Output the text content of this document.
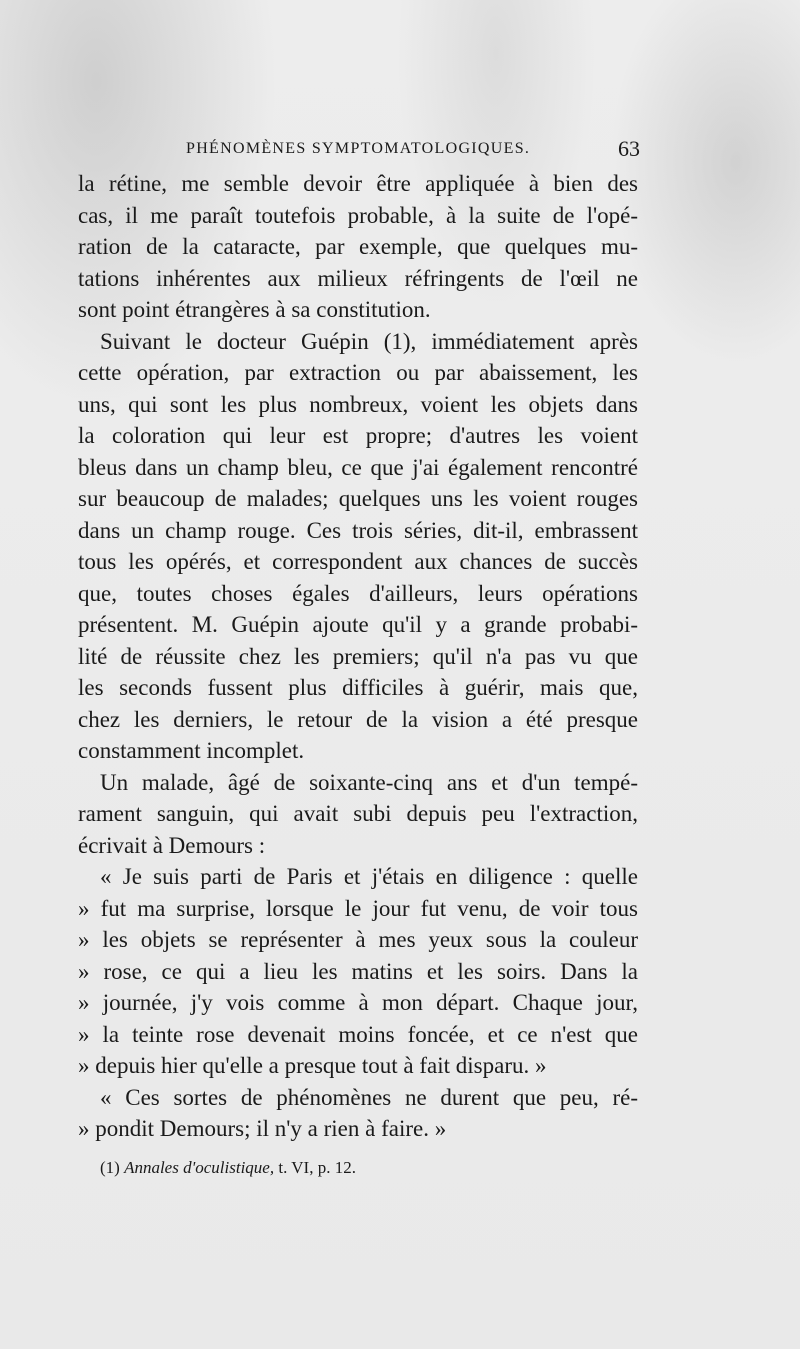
PHÉNOMÈNES SYMPTOMATOLOGIQUES.	63
la rétine, me semble devoir être appliquée à bien des
cas, il me paraît toutefois probable, à la suite de l'opé-
ration de la cataracte, par exemple, que quelques mu-
tations inhérentes aux milieux réfringents de l'œil ne
sont point étrangères à sa constitution.
Suivant le docteur Guépin (1), immédiatement après
cette opération, par extraction ou par abaissement, les
uns, qui sont les plus nombreux, voient les objets dans
la coloration qui leur est propre; d'autres les voient
bleus dans un champ bleu, ce que j'ai également rencontré
sur beaucoup de malades; quelques uns les voient rouges
dans un champ rouge. Ces trois séries, dit-il, embrassent
tous les opérés, et correspondent aux chances de succès
que, toutes choses égales d'ailleurs, leurs opérations
présentent. M. Guépin ajoute qu'il y a grande probabi-
lité de réussite chez les premiers; qu'il n'a pas vu que
les seconds fussent plus difficiles à guérir, mais que,
chez les derniers, le retour de la vision a été presque
constamment incomplet.
Un malade, âgé de soixante-cinq ans et d'un tempé-
rament sanguin, qui avait subi depuis peu l'extraction,
écrivait à Demours :
« Je suis parti de Paris et j'étais en diligence : quelle
» fut ma surprise, lorsque le jour fut venu, de voir tous
» les objets se représenter à mes yeux sous la couleur
» rose, ce qui a lieu les matins et les soirs. Dans la
» journée, j'y vois comme à mon départ. Chaque jour,
» la teinte rose devenait moins foncée, et ce n'est que
» depuis hier qu'elle a presque tout à fait disparu. »
« Ces sortes de phénomènes ne durent que peu, ré-
» pondit Demours; il n'y a rien à faire. »
(1) Annales d'oculistique, t. VI, p. 12.
